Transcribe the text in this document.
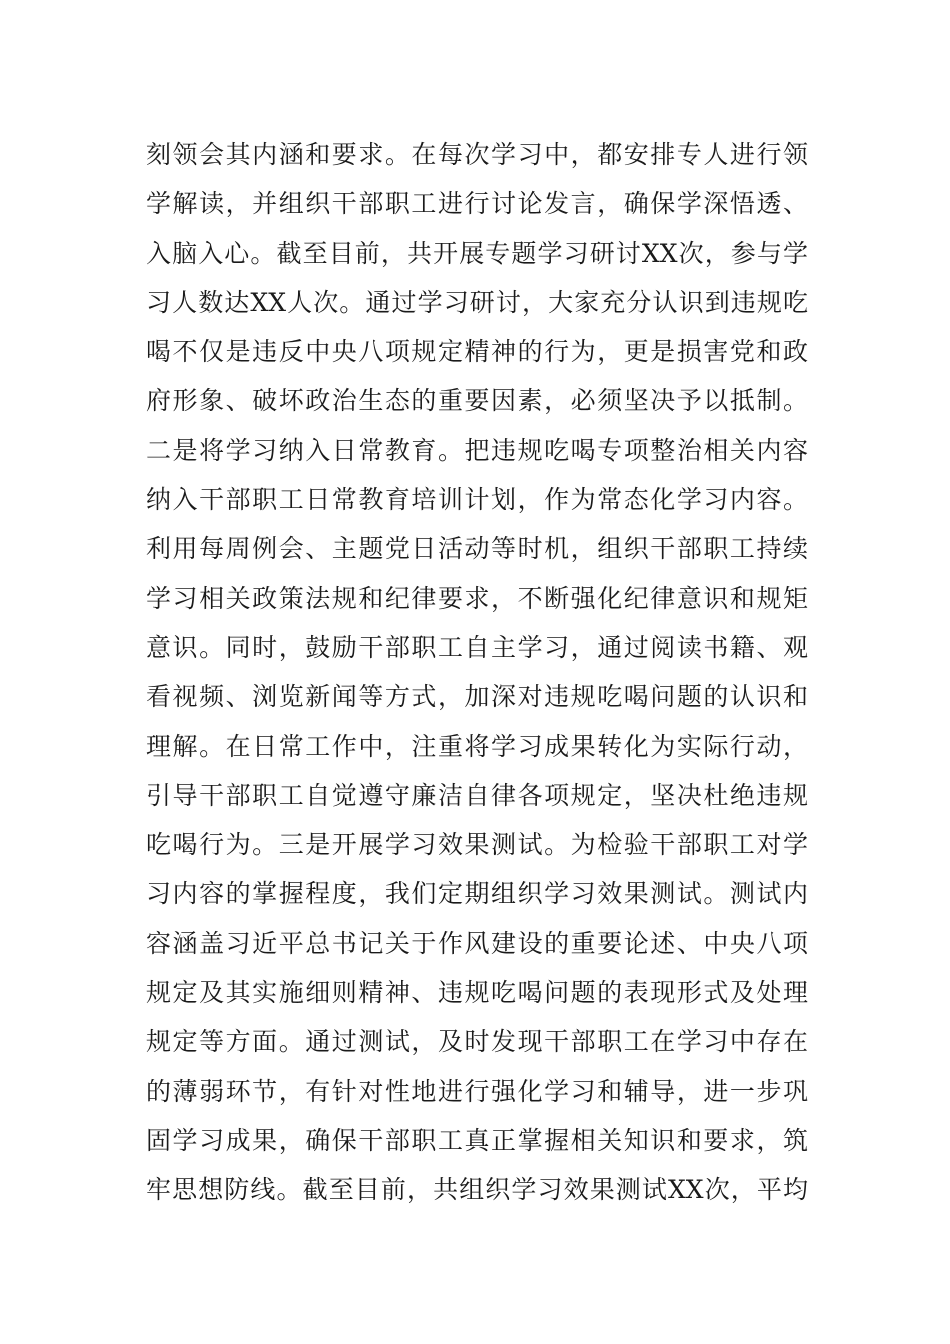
刻领会其内涵和要求。在每次学习中，都安排专人进行领
学解读，并组织干部职工进行讨论发言，确保学深悟透、
入脑入心。截至目前，共开展专题学习研讨XX次，参与学
习人数达XX人次。通过学习研讨，大家充分认识到违规吃
喝不仅是违反中央八项规定精神的行为，更是损害党和政
府形象、破坏政治生态的重要因素，必须坚决予以抵制。
二是将学习纳入日常教育。把违规吃喝专项整治相关内容
纳入干部职工日常教育培训计划，作为常态化学习内容。
利用每周例会、主题党日活动等时机，组织干部职工持续
学习相关政策法规和纪律要求，不断强化纪律意识和规矩
意识。同时，鼓励干部职工自主学习，通过阅读书籍、观
看视频、浏览新闻等方式，加深对违规吃喝问题的认识和
理解。在日常工作中，注重将学习成果转化为实际行动，
引导干部职工自觉遵守廉洁自律各项规定，坚决杜绝违规
吃喝行为。三是开展学习效果测试。为检验干部职工对学
习内容的掌握程度，我们定期组织学习效果测试。测试内
容涵盖习近平总书记关于作风建设的重要论述、中央八项
规定及其实施细则精神、违规吃喝问题的表现形式及处理
规定等方面。通过测试，及时发现干部职工在学习中存在
的薄弱环节，有针对性地进行强化学习和辅导，进一步巩
固学习成果，确保干部职工真正掌握相关知识和要求，筑
牢思想防线。截至目前，共组织学习效果测试XX次，平均
